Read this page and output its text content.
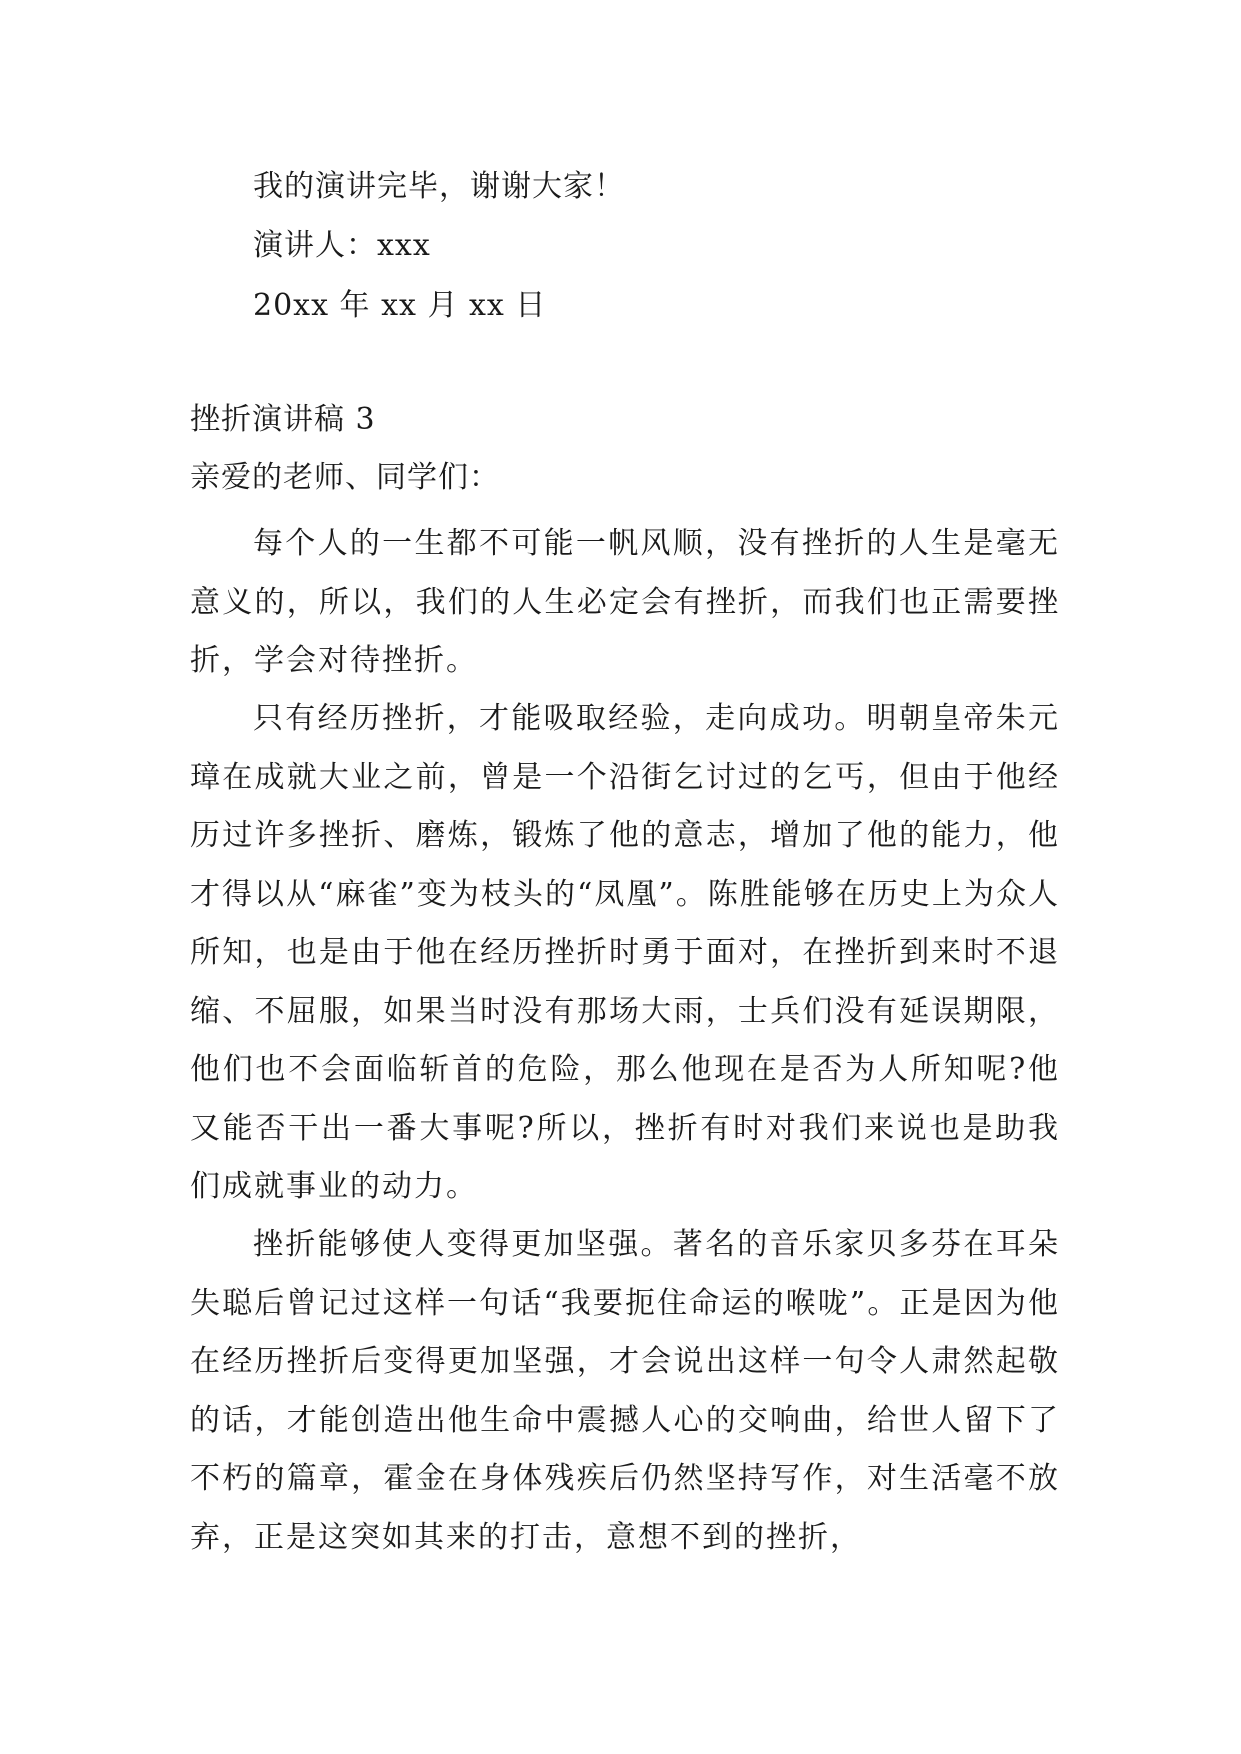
我的演讲完毕，谢谢大家！
演讲人：xxx
20xx 年 xx 月 xx 日
挫折演讲稿 3
亲爱的老师、同学们：

每个人的一生都不可能一帆风顺，没有挫折的人生是毫无意义的，所以，我们的人生必定会有挫折，而我们也正需要挫折，学会对待挫折。

只有经历挫折，才能吸取经验，走向成功。明朝皇帝朱元璋在成就大业之前，曾是一个沿街乞讨过的乞丐，但由于他经历过许多挫折、磨炼，锻炼了他的意志，增加了他的能力，他才得以从“麻雀”变为枝头的“凤凰”。陈胜能够在历史上为众人所知，也是由于他在经历挫折时勇于面对，在挫折到来时不退缩、不屈服，如果当时没有那场大雨，士兵们没有延误期限，他们也不会面临斩首的危险，那么他现在是否为人所知呢?他又能否干出一番大事呢?所以，挫折有时对我们来说也是助我们成就事业的动力。

挫折能够使人变得更加坚强。著名的音乐家贝多芬在耳朵失聪后曾记过这样一句话“我要扼住命运的喉咙”。正是因为他在经历挫折后变得更加坚强，才会说出这样一句令人肃然起敬的话，才能创造出他生命中震撼人心的交响曲，给世人留下了不朽的篇章，霍金在身体残疾后仍然坚持写作，对生活毫不放弃，正是这突如其来的打击，意想不到的挫折，
